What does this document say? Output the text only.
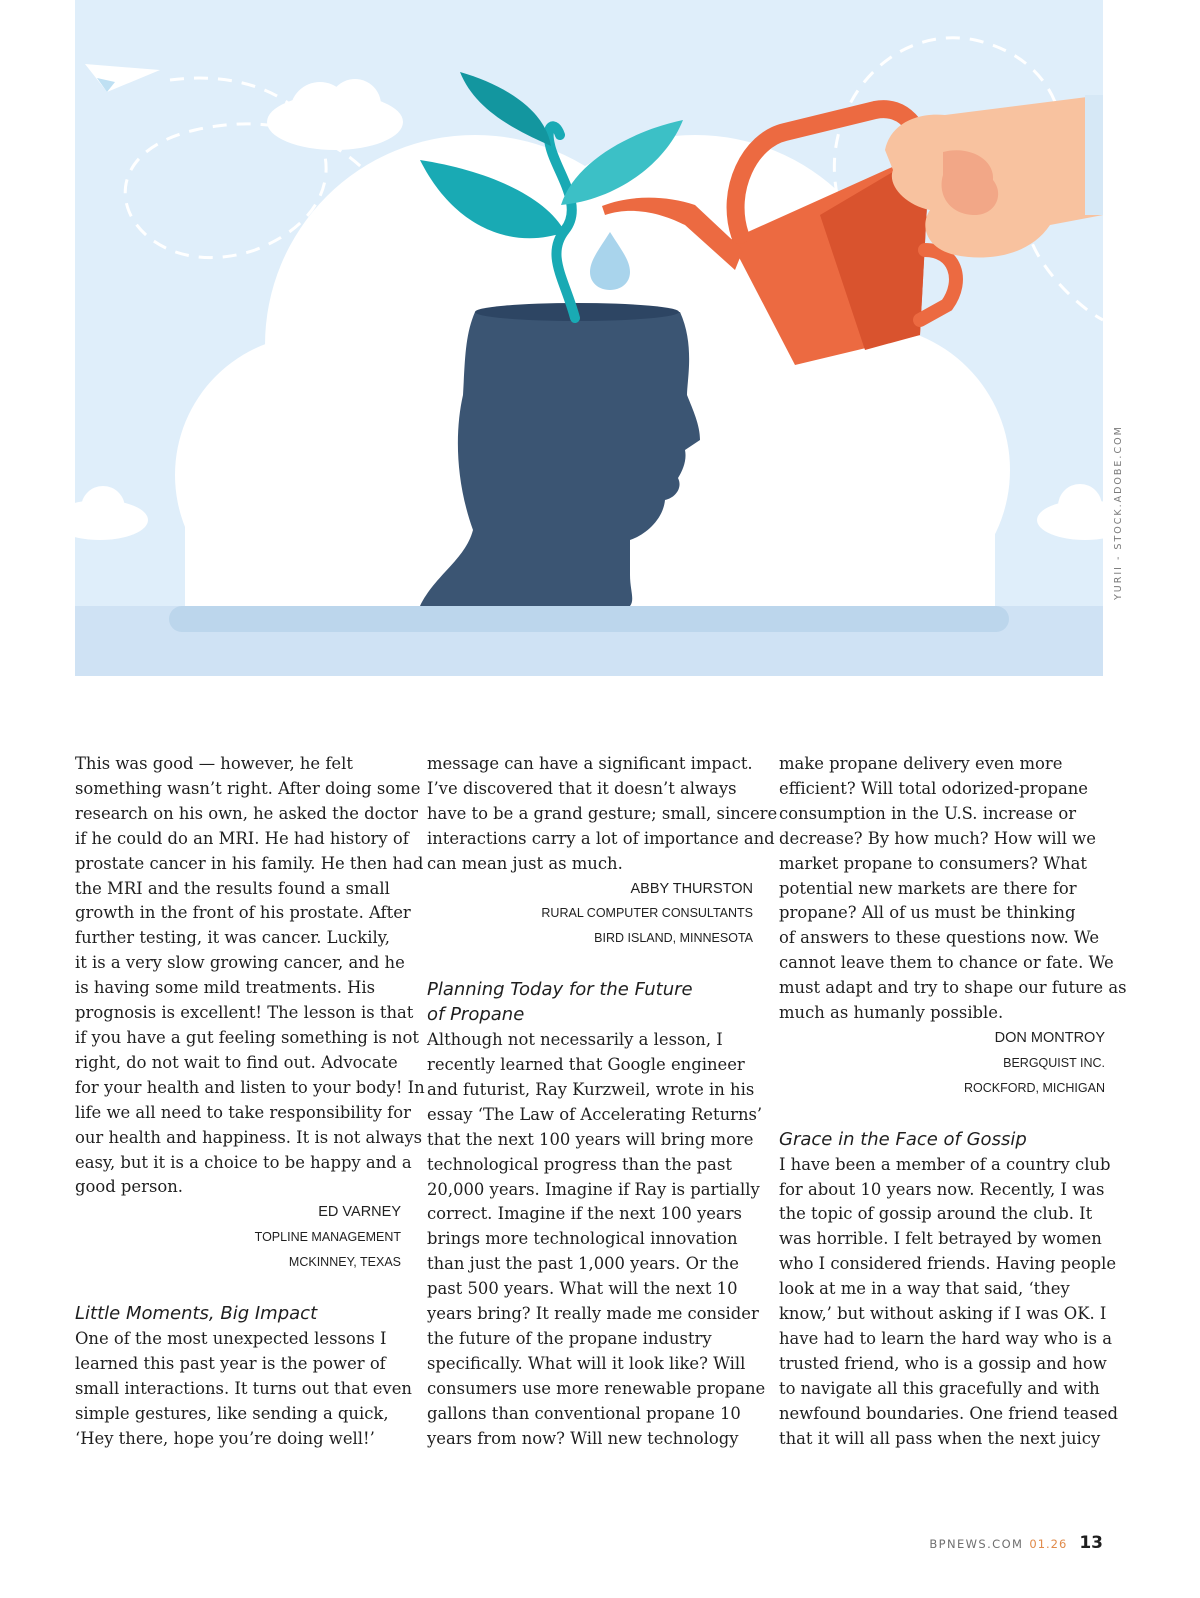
YURII - STOCK.ADOBE.COM

This was good — however, he felt

something wasn’t right. After doing some

research on his own, he asked the doctor

if he could do an MRI. He had history of

prostate cancer in his family. He then had

the MRI and the results found a small

growth in the front of his prostate. After

further testing, it was cancer. Luckily,

it is a very slow growing cancer, and he

is having some mild treatments. His

prognosis is excellent! The lesson is that

if you have a gut feeling something is not

right, do not wait to find out. Advocate

for your health and listen to your body! In

life we all need to take responsibility for

our health and happiness. It is not always

easy, but it is a choice to be happy and a

good person.

ED VARNEY
TOPLINE MANAGEMENT
MCKINNEY, TEXAS
Little Moments, Big Impact

One of the most unexpected lessons I

learned this past year is the power of

small interactions. It turns out that even

simple gestures, like sending a quick,

‘Hey there, hope you’re doing well!’

message can have a significant impact.

I’ve discovered that it doesn’t always

have to be a grand gesture; small, sincere

interactions carry a lot of importance and

can mean just as much.

ABBY THURSTON
RURAL COMPUTER CONSULTANTS
BIRD ISLAND, MINNESOTA
Planning Today for the Future
of Propane

Although not necessarily a lesson, I

recently learned that Google engineer

and futurist, Ray Kurzweil, wrote in his

essay ‘The Law of Accelerating Returns’

that the next 100 years will bring more

technological progress than the past

20,000 years. Imagine if Ray is partially

correct. Imagine if the next 100 years

brings more technological innovation

than just the past 1,000 years. Or the

past 500 years. What will the next 10

years bring? It really made me consider

the future of the propane industry

specifically. What will it look like? Will

consumers use more renewable propane

gallons than conventional propane 10

years from now? Will new technology

make propane delivery even more

efficient? Will total odorized-propane

consumption in the U.S. increase or

decrease? By how much? How will we

market propane to consumers? What

potential new markets are there for

propane? All of us must be thinking

of answers to these questions now. We

cannot leave them to chance or fate. We

must adapt and try to shape our future as

much as humanly possible.

DON MONTROY
BERGQUIST INC.
ROCKFORD, MICHIGAN
Grace in the Face of Gossip

I have been a member of a country club

for about 10 years now. Recently, I was

the topic of gossip around the club. It

was horrible. I felt betrayed by women

who I considered friends. Having people

look at me in a way that said, ‘they

know,’ but without asking if I was OK. I

have had to learn the hard way who is a

trusted friend, who is a gossip and how

to navigate all this gracefully and with

newfound boundaries. One friend teased

that it will all pass when the next juicy

BPNEWS.COM 01.26 13
